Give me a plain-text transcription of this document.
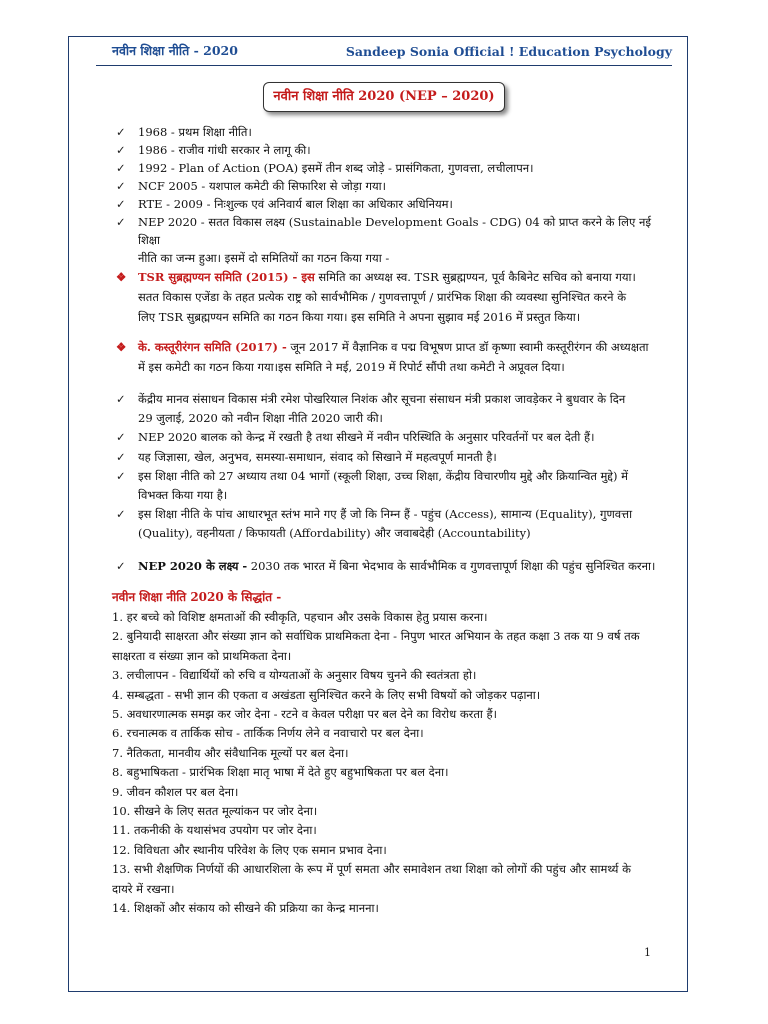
नवीन शिक्षा नीति - 2020	Sandeep Sonia Official ! Education Psychology
नवीन शिक्षा नीति 2020 (NEP – 2020)
✓ 1968 - प्रथम शिक्षा नीति।
✓ 1986 - राजीव गांधी सरकार ने लागू की।
✓ 1992 - Plan of Action (POA) इसमें तीन शब्द जोड़े - प्रासंगिकता, गुणवत्ता, लचीलापन।
✓ NCF 2005 - यशपाल कमेटी की सिफारिश से जोड़ा गया।
✓ RTE - 2009 - निःशुल्क एवं अनिवार्य बाल शिक्षा का अधिकार अधिनियम।
✓ NEP 2020 - सतत विकास लक्ष्य (Sustainable Development Goals - CDG) 04 को प्राप्त करने के लिए नई शिक्षा
नीति का जन्म हुआ। इसमें दो समितियों का गठन किया गया -
❖ TSR सुब्रह्मण्यन समिति (2015) - इस समिति का अध्यक्ष स्व. TSR सुब्रह्मण्यन, पूर्व कैबिनेट सचिव को बनाया गया।
सतत विकास एजेंडा के तहत प्रत्येक राष्ट्र को सार्वभौमिक / गुणवत्तापूर्ण / प्रारंभिक शिक्षा की व्यवस्था सुनिश्चित करने के
लिए TSR सुब्रह्मण्यन समिति का गठन किया गया। इस समिति ने अपना सुझाव मई 2016 में प्रस्तुत किया।
❖ के. कस्तूरीरंगन समिति (2017) - जून 2017 में वैज्ञानिक व पद्म विभूषण प्राप्त डॉ कृष्णा स्वामी कस्तूरीरंगन की अध्यक्षता
में इस कमेटी का गठन किया गया।इस समिति ने मई, 2019 में रिपोर्ट सौंपी तथा कमेटी ने अप्रूवल दिया।
✓ केंद्रीय मानव संसाधन विकास मंत्री रमेश पोखरियाल निशंक और सूचना संसाधन मंत्री प्रकाश जावड़ेकर ने बुधवार के दिन
29 जुलाई, 2020 को नवीन शिक्षा नीति 2020 जारी की।
✓ NEP 2020 बालक को केन्द्र में रखती है तथा सीखने में नवीन परिस्थिति के अनुसार परिवर्तनों पर बल देती हैं।
✓ यह जिज्ञासा, खेल, अनुभव, समस्या-समाधान, संवाद को सिखाने में महत्वपूर्ण मानती है।
✓ इस शिक्षा नीति को 27 अध्याय तथा 04 भागों (स्कूली शिक्षा, उच्च शिक्षा, केंद्रीय विचारणीय मुद्दे और क्रियान्वित मुद्दे) में
विभक्त किया गया है।
✓ इस शिक्षा नीति के पांच आधारभूत स्तंभ माने गए हैं जो कि निम्न हैं - पहुंच (Access), सामान्य (Equality), गुणवत्ता
(Quality), वहनीयता / किफायती (Affordability) और जवाबदेही (Accountability)
✓ NEP 2020 के लक्ष्य - 2030 तक भारत में बिना भेदभाव के सार्वभौमिक व गुणवत्तापूर्ण शिक्षा की पहुंच सुनिश्चित करना।
नवीन शिक्षा नीति 2020 के सिद्धांत -
1. हर बच्चे को विशिष्ट क्षमताओं की स्वीकृति, पहचान और उसके विकास हेतु प्रयास करना।
2. बुनियादी साक्षरता और संख्या ज्ञान को सर्वाधिक प्राथमिकता देना - निपुण भारत अभियान के तहत कक्षा 3 तक या 9 वर्ष तक
साक्षरता व संख्या ज्ञान को प्राथमिकता देना।
3. लचीलापन - विद्यार्थियों को रुचि व योग्यताओं के अनुसार विषय चुनने की स्वतंत्रता हो।
4. सम्बद्धता - सभी ज्ञान की एकता व अखंडता सुनिश्चित करने के लिए सभी विषयों को जोड़कर पढ़ाना।
5. अवधारणात्मक समझ कर जोर देना - रटने व केवल परीक्षा पर बल देने का विरोध करता हैं।
6. रचनात्मक व तार्किक सोच - तार्किक निर्णय लेने व नवाचारो पर बल देना।
7. नैतिकता, मानवीय और संवैधानिक मूल्यों पर बल देना।
8. बहुभाषिकता - प्रारंभिक शिक्षा मातृ भाषा में देते हुए बहुभाषिकता पर बल देना।
9. जीवन कौशल पर बल देना।
10. सीखने के लिए सतत मूल्यांकन पर जोर देना।
11. तकनीकी के यथासंभव उपयोग पर जोर देना।
12. विविधता और स्थानीय परिवेश के लिए एक समान प्रभाव देना।
13. सभी शैक्षणिक निर्णयों की आधारशिला के रूप में पूर्ण समता और समावेशन तथा शिक्षा को लोगों की पहुंच और सामर्थ्य के
दायरे में रखना।
14. शिक्षकों और संकाय को सीखने की प्रक्रिया का केन्द्र मानना।
1
